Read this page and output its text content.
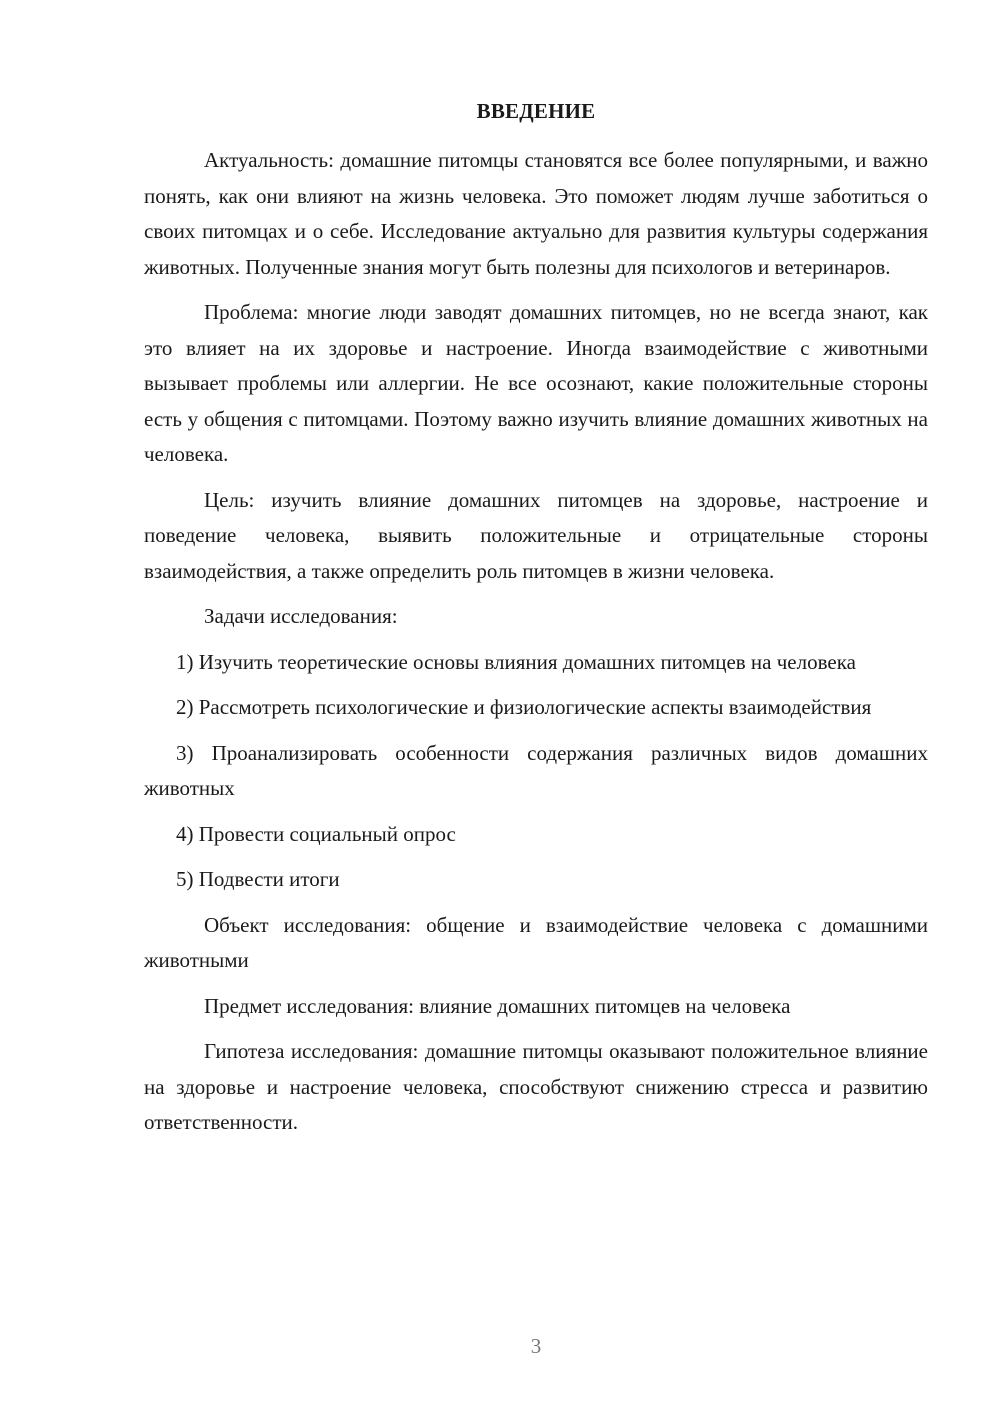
ВВЕДЕНИЕ

Актуальность: домашние питомцы становятся все более популярными, и важно понять, как они влияют на жизнь человека. Это поможет людям лучше заботиться о своих питомцах и о себе. Исследование актуально для развития культуры содержания животных. Полученные знания могут быть полезны для психологов и ветеринаров.

Проблема: многие люди заводят домашних питомцев, но не всегда знают, как это влияет на их здоровье и настроение. Иногда взаимодействие с животными вызывает проблемы или аллергии. Не все осознают, какие положительные стороны есть у общения с питомцами. Поэтому важно изучить влияние домашних животных на человека.

Цель: изучить влияние домашних питомцев на здоровье, настроение и поведение человека, выявить положительные и отрицательные стороны взаимодействия, а также определить роль питомцев в жизни человека.

Задачи исследования:

1) Изучить теоретические основы влияния домашних питомцев на человека

2) Рассмотреть психологические и физиологические аспекты взаимодействия

3) Проанализировать особенности содержания различных видов домашних животных

4) Провести социальный опрос

5) Подвести итоги

Объект исследования: общение и взаимодействие человека с домашними животными

Предмет исследования: влияние домашних питомцев на человека

Гипотеза исследования: домашние питомцы оказывают положительное влияние на здоровье и настроение человека, способствуют снижению стресса и развитию ответственности.

3
